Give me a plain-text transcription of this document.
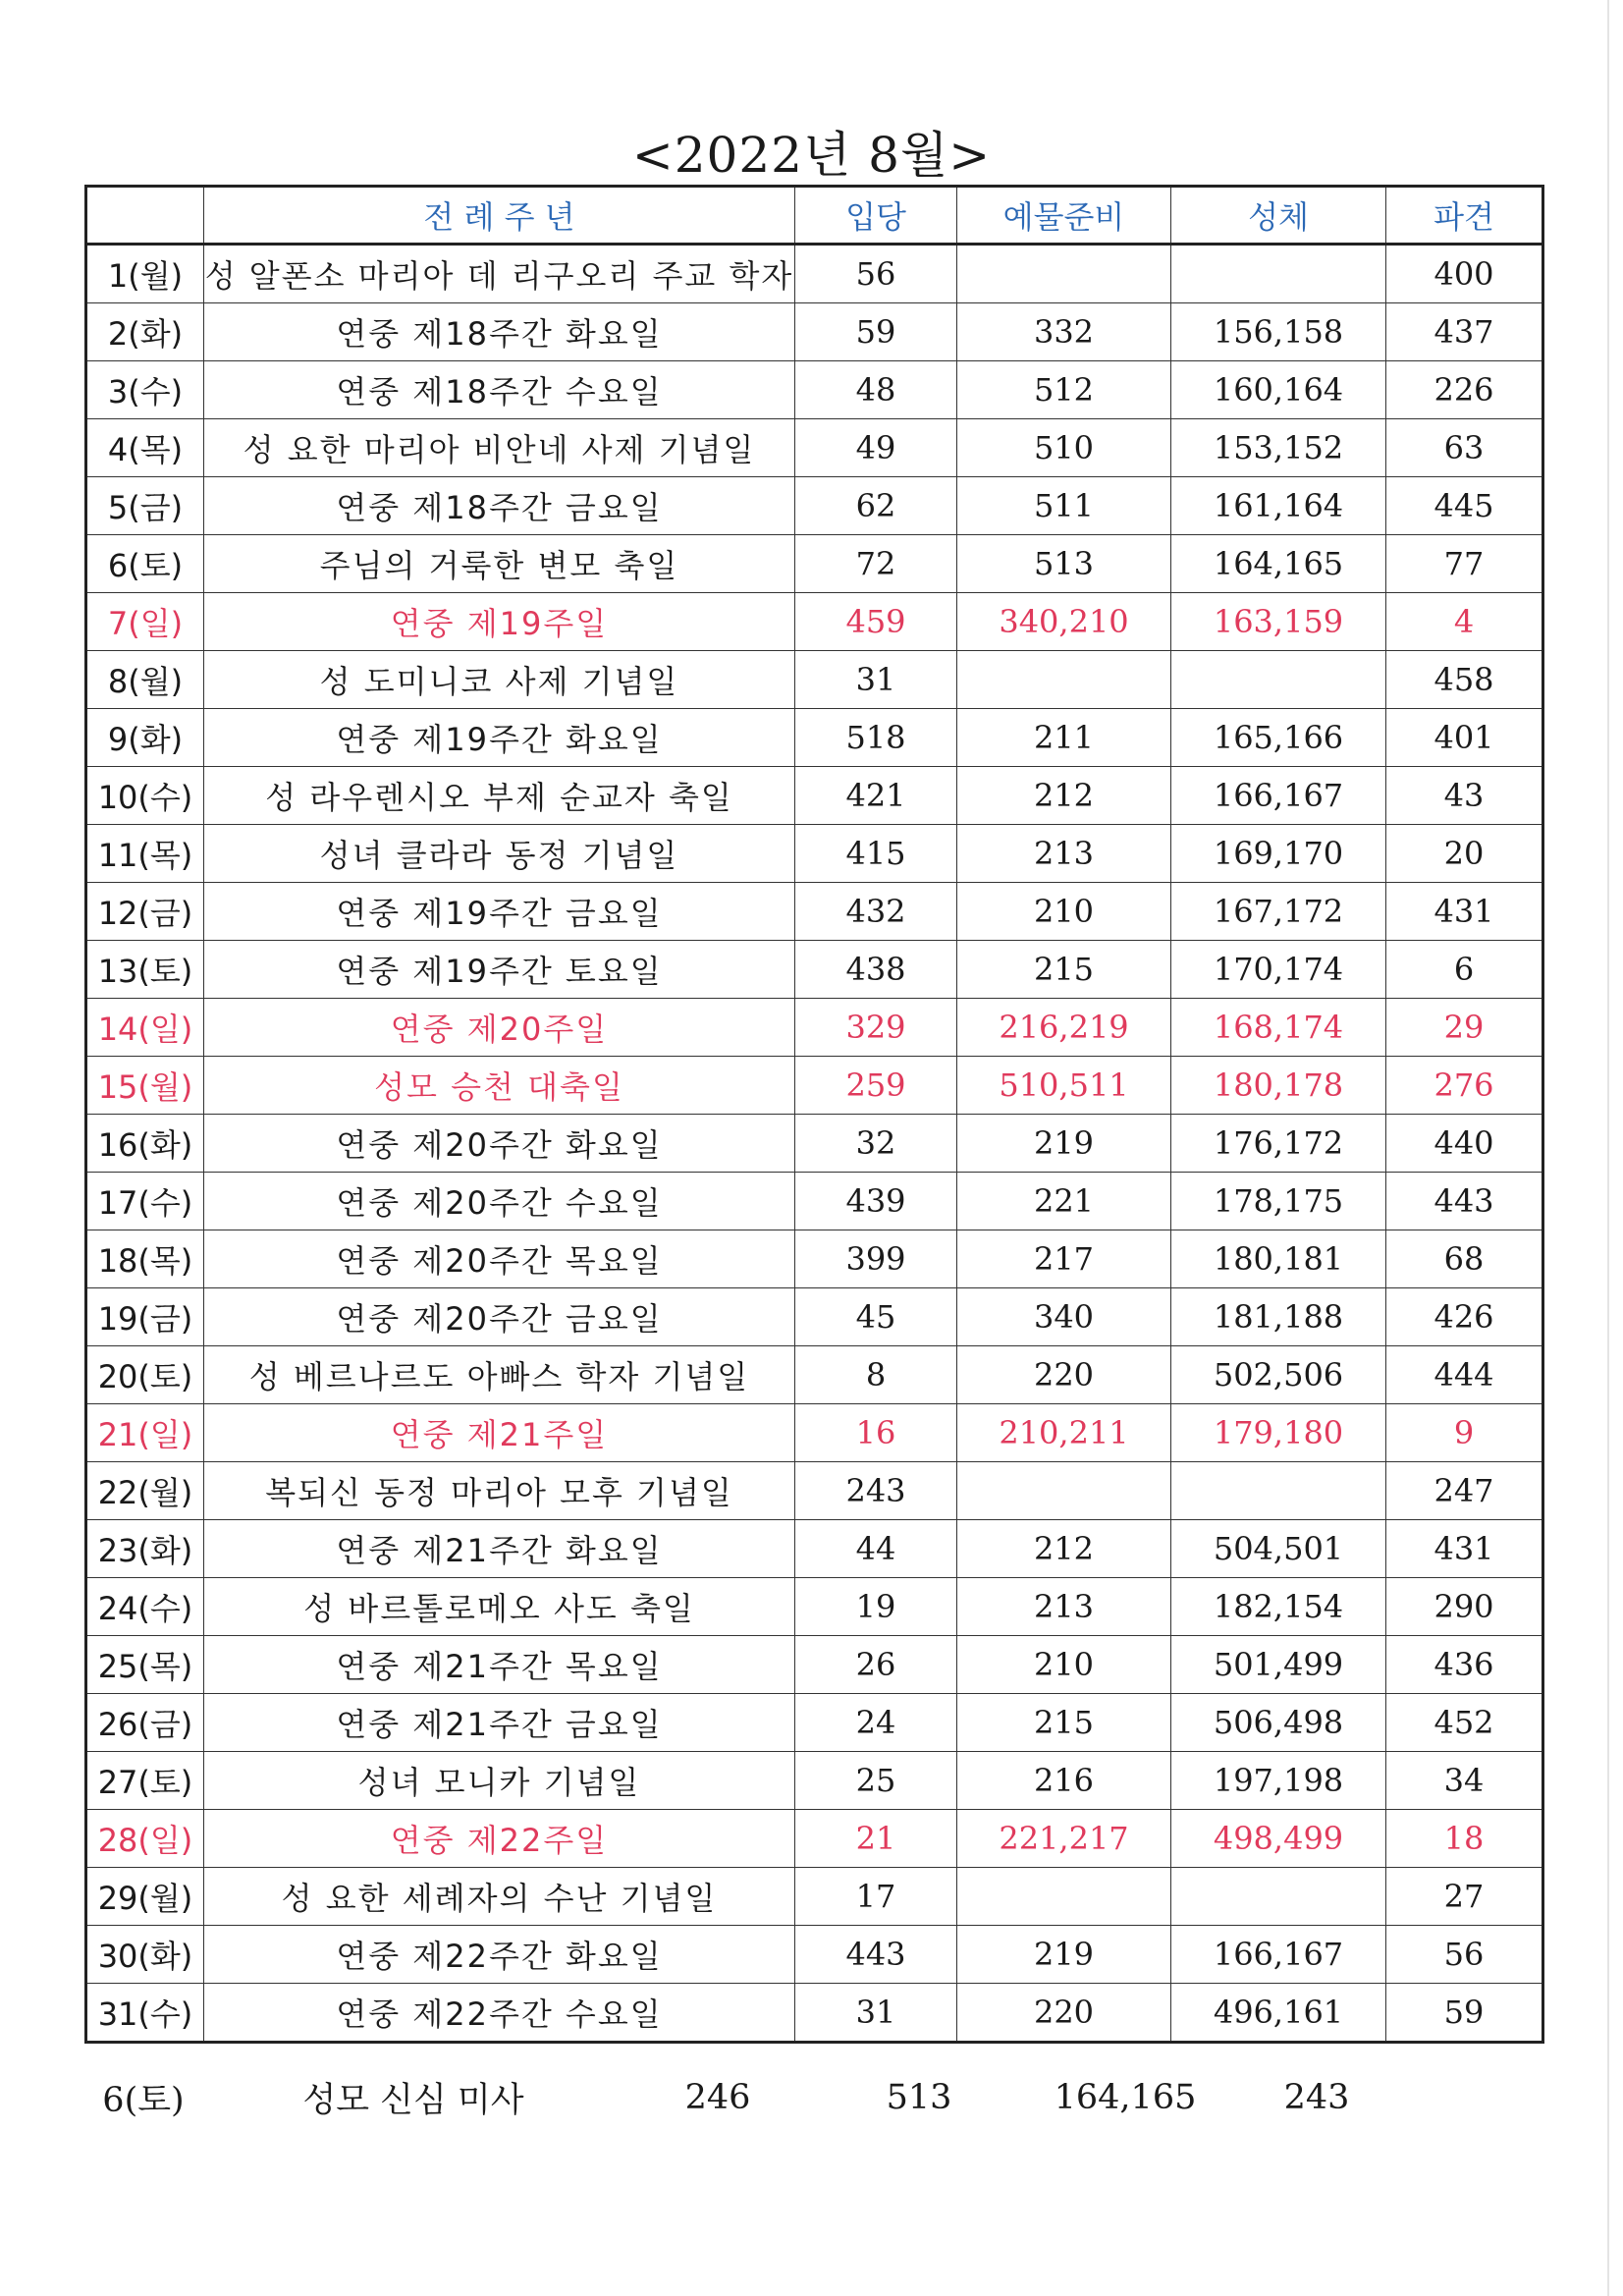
<2022년 8월>
	전 례 주 년	입당	예물준비	성체	파견
1(월)	성 알폰소 마리아 데 리구오리 주교 학자	56			400
2(화)	연중 제18주간 화요일	59	332	156,158	437
3(수)	연중 제18주간 수요일	48	512	160,164	226
4(목)	성 요한 마리아 비안네 사제 기념일	49	510	153,152	63
5(금)	연중 제18주간 금요일	62	511	161,164	445
6(토)	주님의 거룩한 변모 축일	72	513	164,165	77
7(일)	연중 제19주일	459	340,210	163,159	4
8(월)	성 도미니코 사제 기념일	31			458
9(화)	연중 제19주간 화요일	518	211	165,166	401
10(수)	성 라우렌시오 부제 순교자 축일	421	212	166,167	43
11(목)	성녀 클라라 동정 기념일	415	213	169,170	20
12(금)	연중 제19주간 금요일	432	210	167,172	431
13(토)	연중 제19주간 토요일	438	215	170,174	6
14(일)	연중 제20주일	329	216,219	168,174	29
15(월)	성모 승천 대축일	259	510,511	180,178	276
16(화)	연중 제20주간 화요일	32	219	176,172	440
17(수)	연중 제20주간 수요일	439	221	178,175	443
18(목)	연중 제20주간 목요일	399	217	180,181	68
19(금)	연중 제20주간 금요일	45	340	181,188	426
20(토)	성 베르나르도 아빠스 학자 기념일	8	220	502,506	444
21(일)	연중 제21주일	16	210,211	179,180	9
22(월)	복되신 동정 마리아 모후 기념일	243			247
23(화)	연중 제21주간 화요일	44	212	504,501	431
24(수)	성 바르톨로메오 사도 축일	19	213	182,154	290
25(목)	연중 제21주간 목요일	26	210	501,499	436
26(금)	연중 제21주간 금요일	24	215	506,498	452
27(토)	성녀 모니카 기념일	25	216	197,198	34
28(일)	연중 제22주일	21	221,217	498,499	18
29(월)	성 요한 세례자의 수난 기념일	17			27
30(화)	연중 제22주간 화요일	443	219	166,167	56
31(수)	연중 제22주간 수요일	31	220	496,161	59
6(토)	성모 신심 미사	246	513	164,165	243
